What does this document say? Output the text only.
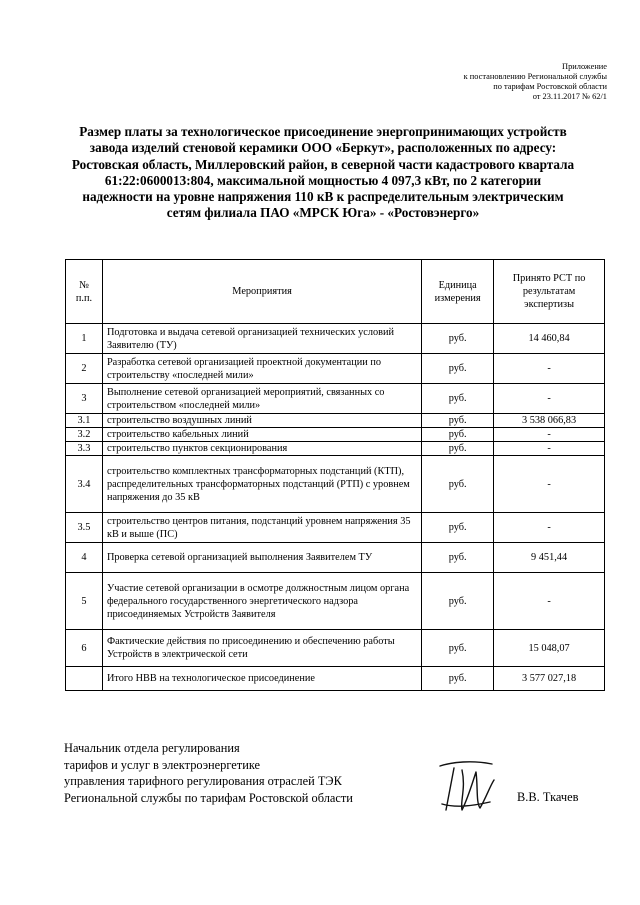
Приложение
к постановлению Региональной службы
по тарифам Ростовской области
от 23.11.2017 № 62/1
Размер платы за технологическое присоединение энергопринимающих устройств завода изделий стеновой керамики ООО «Беркут», расположенных по адресу: Ростовская область, Миллеровский район, в северной части кадастрового квартала 61:22:0600013:804, максимальной мощностью 4 097,3 кВт, по 2 категории надежности на уровне напряжения 110 кВ к распределительным электрическим сетям филиала ПАО «МРСК Юга» - «Ростовэнерго»
№ п.п.	Мероприятия	Единица измерения	Принято РСТ по результатам экспертизы
1	Подготовка и выдача сетевой организацией технических условий Заявителю (ТУ)	руб.	14 460,84
2	Разработка сетевой организацией проектной документации по строительству «последней мили»	руб.	-
3	Выполнение сетевой организацией мероприятий, связанных со строительством «последней мили»	руб.	-
3.1	строительство воздушных линий	руб.	3 538 066,83
3.2	строительство кабельных линий	руб.	-
3.3	строительство пунктов секционирования	руб.	-
3.4	строительство комплектных трансформаторных подстанций (КТП), распределительных трансформаторных подстанций (РТП) с уровнем напряжения до 35 кВ	руб.	-
3.5	строительство центров питания, подстанций уровнем напряжения 35 кВ и выше (ПС)	руб.	-
4	Проверка сетевой организацией выполнения Заявителем ТУ	руб.	9 451,44
5	Участие сетевой организации в осмотре должностным лицом органа федерального государственного энергетического надзора присоединяемых Устройств Заявителя	руб.	-
6	Фактические действия по присоединению и обеспечению работы Устройств в электрической сети	руб.	15 048,07
	Итого НВВ на технологическое присоединение	руб.	3 577 027,18
Начальник отдела регулирования
тарифов и услуг в электроэнергетике
управления тарифного регулирования отраслей ТЭК
Региональной службы по тарифам Ростовской области	В.В. Ткачев
